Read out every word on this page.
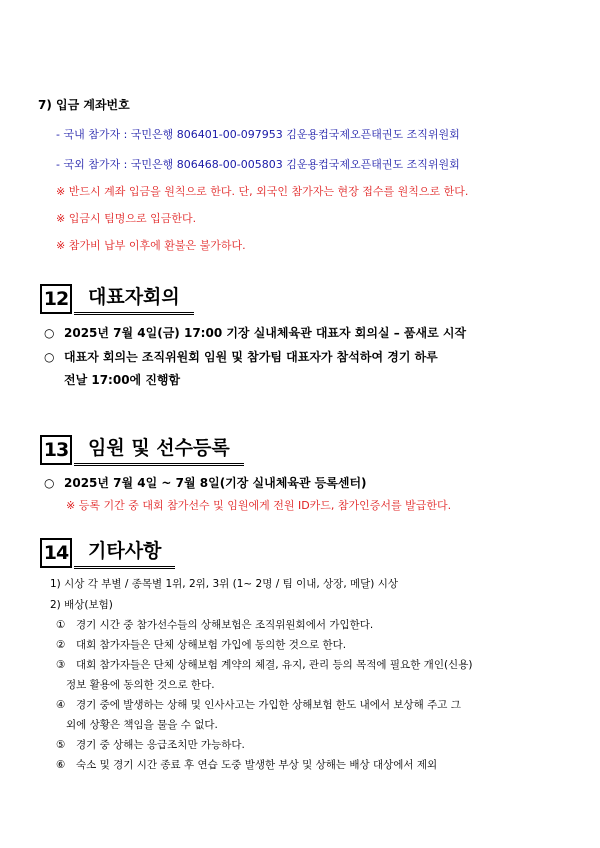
7) 입금 계좌번호
- 국내 참가자 : 국민은행 806401-00-097953 김운용컵국제오픈태권도 조직위원회
- 국외 참가자 : 국민은행 806468-00-005803 김운용컵국제오픈태권도 조직위원회
※ 반드시 계좌 입금을 원칙으로 한다. 단, 외국인 참가자는 현장 접수를 원칙으로 한다.
※ 입금시 팀명으로 입금한다.
※ 참가비 납부 이후에 환불은 불가하다.
12	대표자회의
○ 2025년 7월 4일(금) 17:00 기장 실내체육관 대표자 회의실 – 품새로 시작
○ 대표자 회의는 조직위원회 임원 및 참가팀 대표자가 참석하여 경기 하루
전날 17:00에 진행함
13	임원 및 선수등록
○ 2025년 7월 4일 ~ 7월 8일(기장 실내체육관 등록센터)
※ 등록 기간 중 대회 참가선수 및 임원에게 전원 ID카드, 참가인증서를 발급한다.
14	기타사항
1) 시상 각 부별 / 종목별 1위, 2위, 3위 (1~ 2명 / 팀 이내, 상장, 메달) 시상
2) 배상(보험)
① 경기 시간 중 참가선수들의 상해보험은 조직위원회에서 가입한다.
② 대회 참가자들은 단체 상해보험 가입에 동의한 것으로 한다.
③ 대회 참가자들은 단체 상해보험 계약의 체결, 유지, 관리 등의 목적에 필요한 개인(신용)
정보 활용에 동의한 것으로 한다.
④ 경기 중에 발생하는 상해 및 인사사고는 가입한 상해보험 한도 내에서 보상해 주고 그
외에 상황은 책임을 물을 수 없다.
⑤ 경기 중 상해는 응급조치만 가능하다.
⑥ 숙소 및 경기 시간 종료 후 연습 도중 발생한 부상 및 상해는 배상 대상에서 제외
